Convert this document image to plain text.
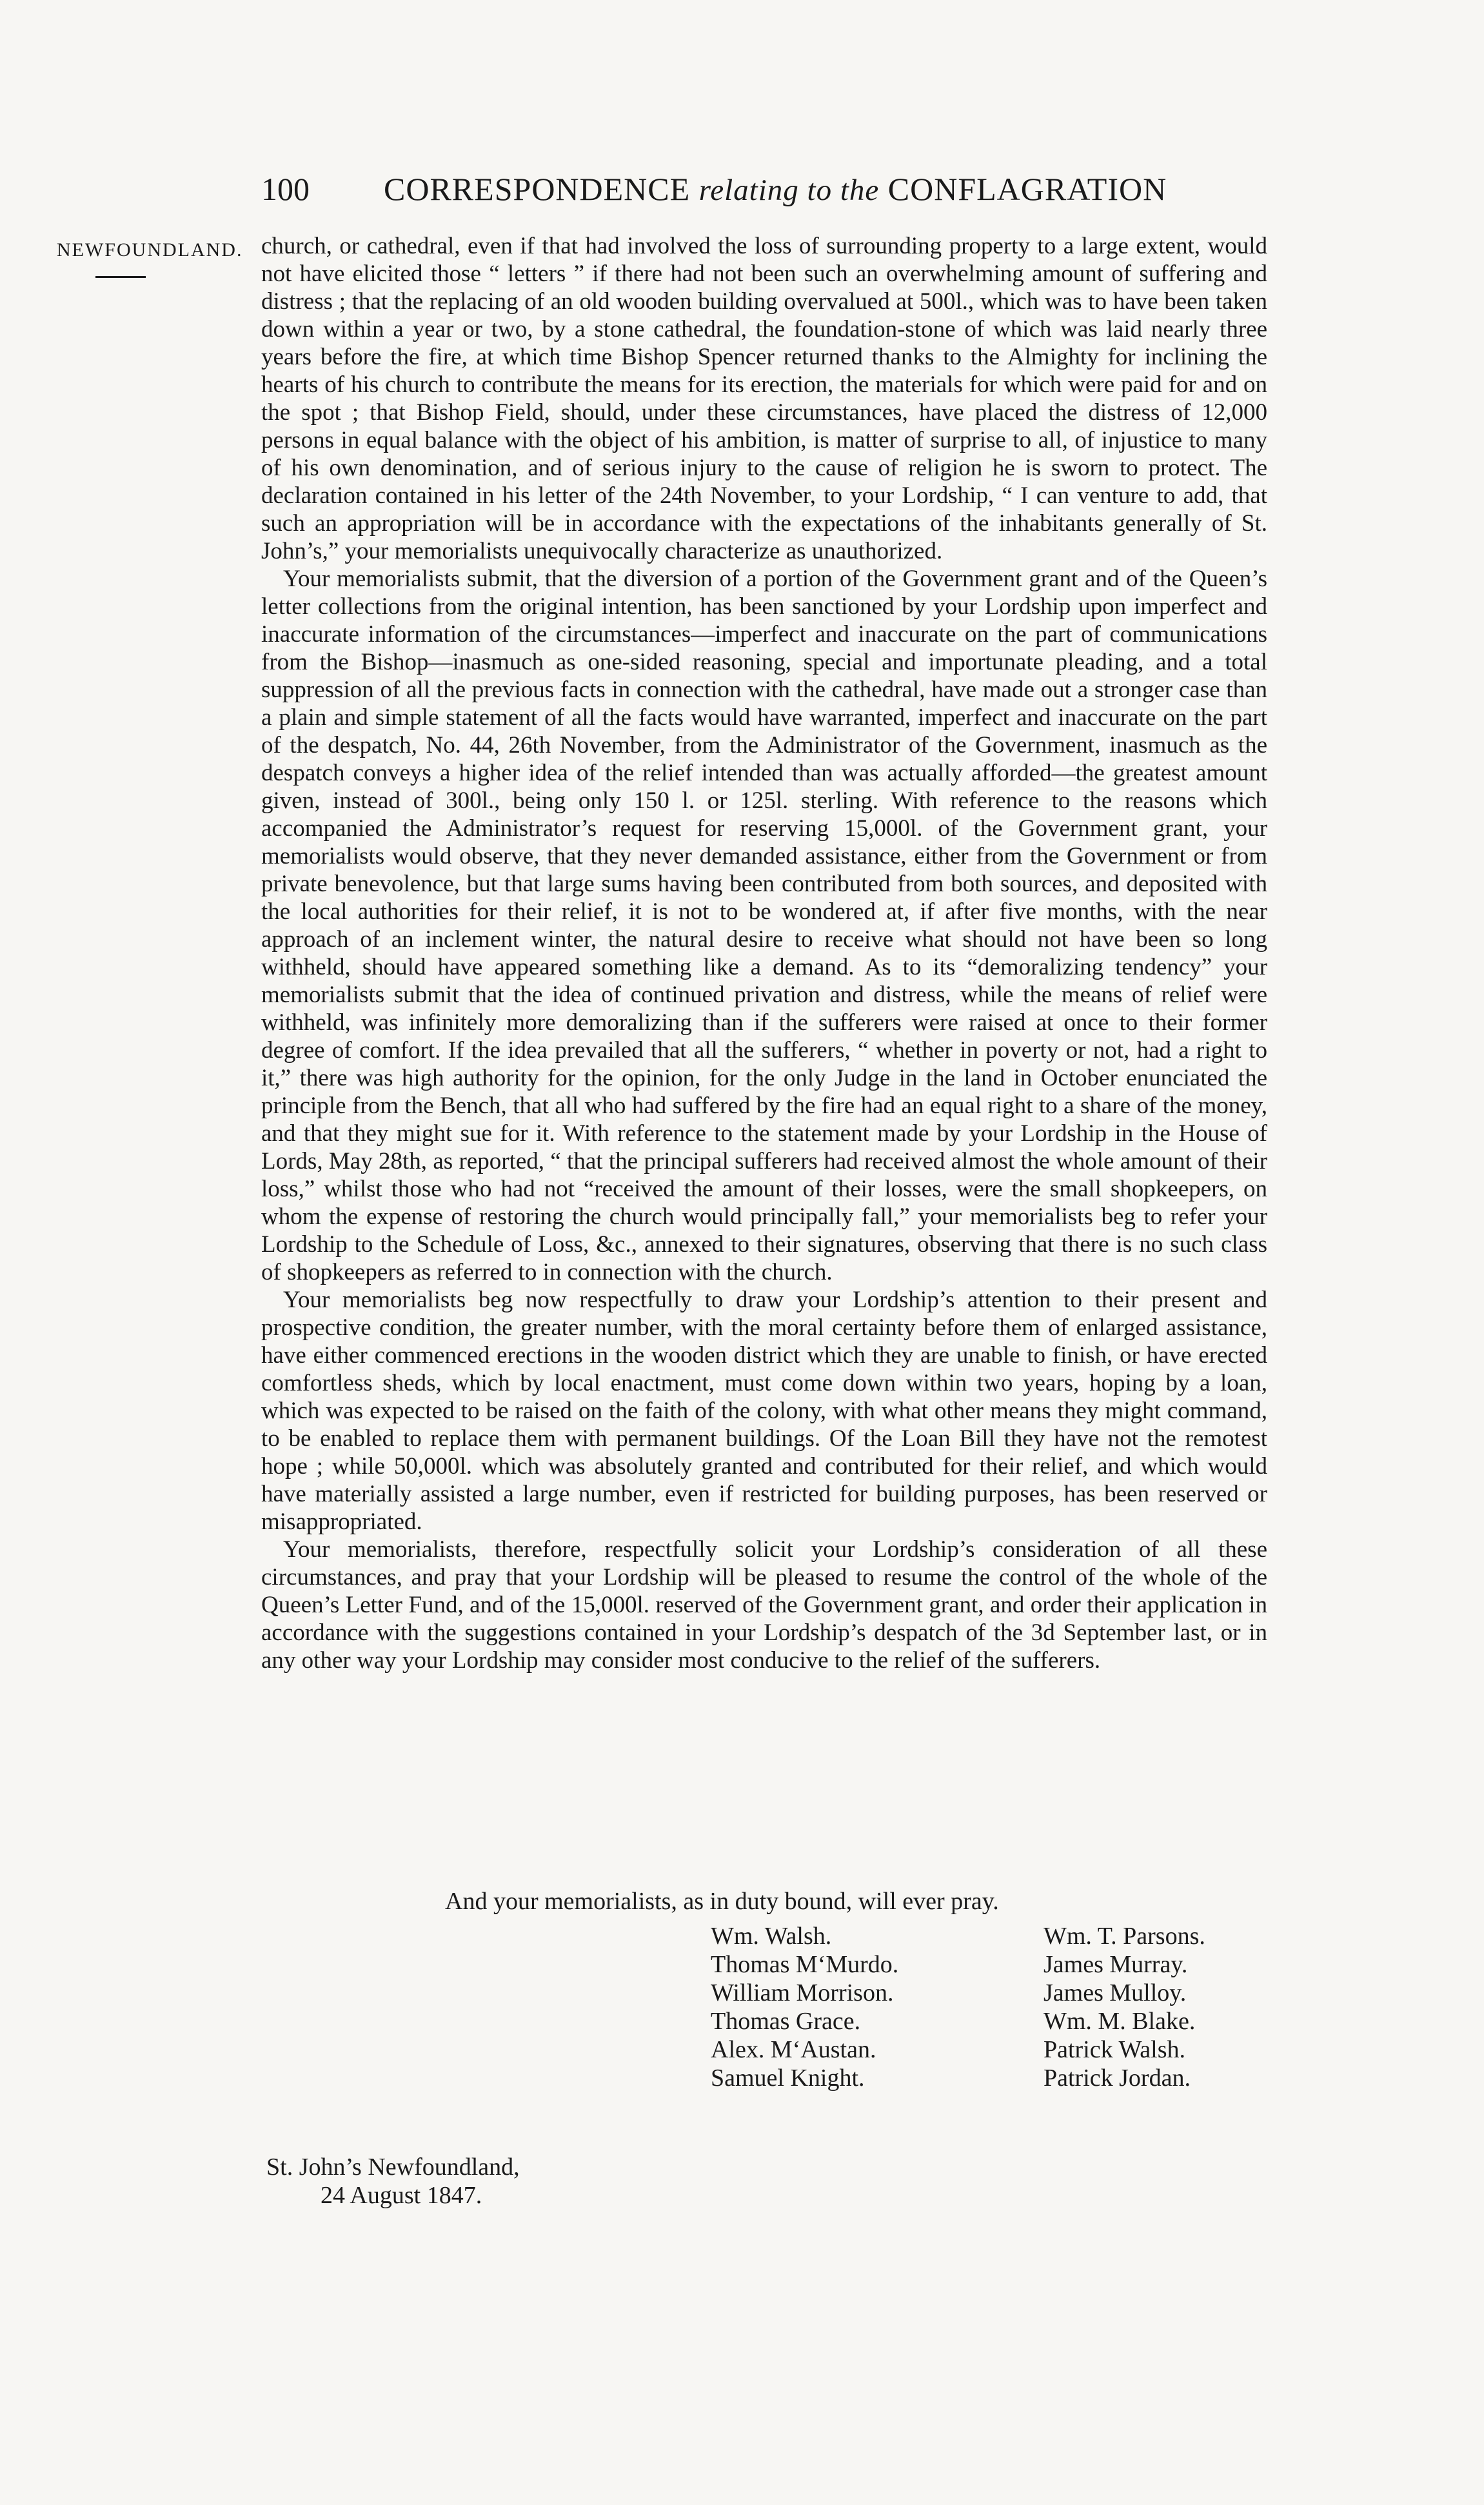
100 CORRESPONDENCE relating to the CONFLAGRATION
NEWFOUNDLAND. church, or cathedral, even if that had involved the loss of surrounding property to a large extent, would not have elicited those “ letters ” if there had not been such an overwhelming amount of suffering and distress ; that the replacing of an old wooden building overvalued at 500l., which was to have been taken down within a year or two, by a stone cathedral, the foundation-stone of which was laid nearly three years before the fire, at which time Bishop Spencer returned thanks to the Almighty for inclining the hearts of his church to contribute the means for its erection, the materials for which were paid for and on the spot ; that Bishop Field, should, under these circumstances, have placed the distress of 12,000 persons in equal balance with the object of his ambition, is matter of surprise to all, of injustice to many of his own denomination, and of serious injury to the cause of religion he is sworn to protect. The declaration contained in his letter of the 24th November, to your Lordship, “ I can venture to add, that such an appropriation will be in accordance with the expectations of the inhabitants generally of St. John’s,” your memorialists unequivocally characterize as unauthorized.

Your memorialists submit, that the diversion of a portion of the Government grant and of the Queen’s letter collections from the original intention, has been sanctioned by your Lordship upon imperfect and inaccurate information of the circumstances—imperfect and inaccurate on the part of communications from the Bishop—inasmuch as one-sided reasoning, special and importunate pleading, and a total suppression of all the previous facts in connection with the cathedral, have made out a stronger case than a plain and simple statement of all the facts would have warranted, imperfect and inaccurate on the part of the despatch, No. 44, 26th November, from the Administrator of the Government, inasmuch as the despatch conveys a higher idea of the relief intended than was actually afforded—the greatest amount given, instead of 300l., being only 150 l. or 125l. sterling. With reference to the reasons which accompanied the Administrator’s request for reserving 15,000l. of the Government grant, your memorialists would observe, that they never demanded assistance, either from the Government or from private benevolence, but that large sums having been contributed from both sources, and deposited with the local authorities for their relief, it is not to be wondered at, if after five months, with the near approach of an inclement winter, the natural desire to receive what should not have been so long withheld, should have appeared something like a demand. As to its “demoralizing tendency” your memorialists submit that the idea of continued privation and distress, while the means of relief were withheld, was infinitely more demoralizing than if the sufferers were raised at once to their former degree of comfort. If the idea prevailed that all the sufferers, “ whether in poverty or not, had a right to it,” there was high authority for the opinion, for the only Judge in the land in October enunciated the principle from the Bench, that all who had suffered by the fire had an equal right to a share of the money, and that they might sue for it. With reference to the statement made by your Lordship in the House of Lords, May 28th, as reported, “ that the principal sufferers had received almost the whole amount of their loss,” whilst those who had not “received the amount of their losses, were the small shopkeepers, on whom the expense of restoring the church would principally fall,” your memorialists beg to refer your Lordship to the Schedule of Loss, &c., annexed to their signatures, observing that there is no such class of shopkeepers as referred to in connection with the church.

Your memorialists beg now respectfully to draw your Lordship’s attention to their present and prospective condition, the greater number, with the moral certainty before them of enlarged assistance, have either commenced erections in the wooden district which they are unable to finish, or have erected comfortless sheds, which by local enactment, must come down within two years, hoping by a loan, which was expected to be raised on the faith of the colony, with what other means they might command, to be enabled to replace them with permanent buildings. Of the Loan Bill they have not the remotest hope ; while 50,000l. which was absolutely granted and contributed for their relief, and which would have materially assisted a large number, even if restricted for building purposes, has been reserved or misappropriated.

Your memorialists, therefore, respectfully solicit your Lordship’s consideration of all these circumstances, and pray that your Lordship will be pleased to resume the control of the whole of the Queen’s Letter Fund, and of the 15,000l. reserved of the Government grant, and order their application in accordance with the suggestions contained in your Lordship’s despatch of the 3d September last, or in any other way your Lordship may consider most conducive to the relief of the sufferers.

And your memorialists, as in duty bound, will ever pray.
Wm. Walsh.
Thomas M‘Murdo.
William Morrison.
Thomas Grace.
Alex. M‘Austan.
Samuel Knight.
Wm. T. Parsons.
James Murray.
James Mulloy.
Wm. M. Blake.
Patrick Walsh.
Patrick Jordan.
St. John’s Newfoundland,
24 August 1847.
